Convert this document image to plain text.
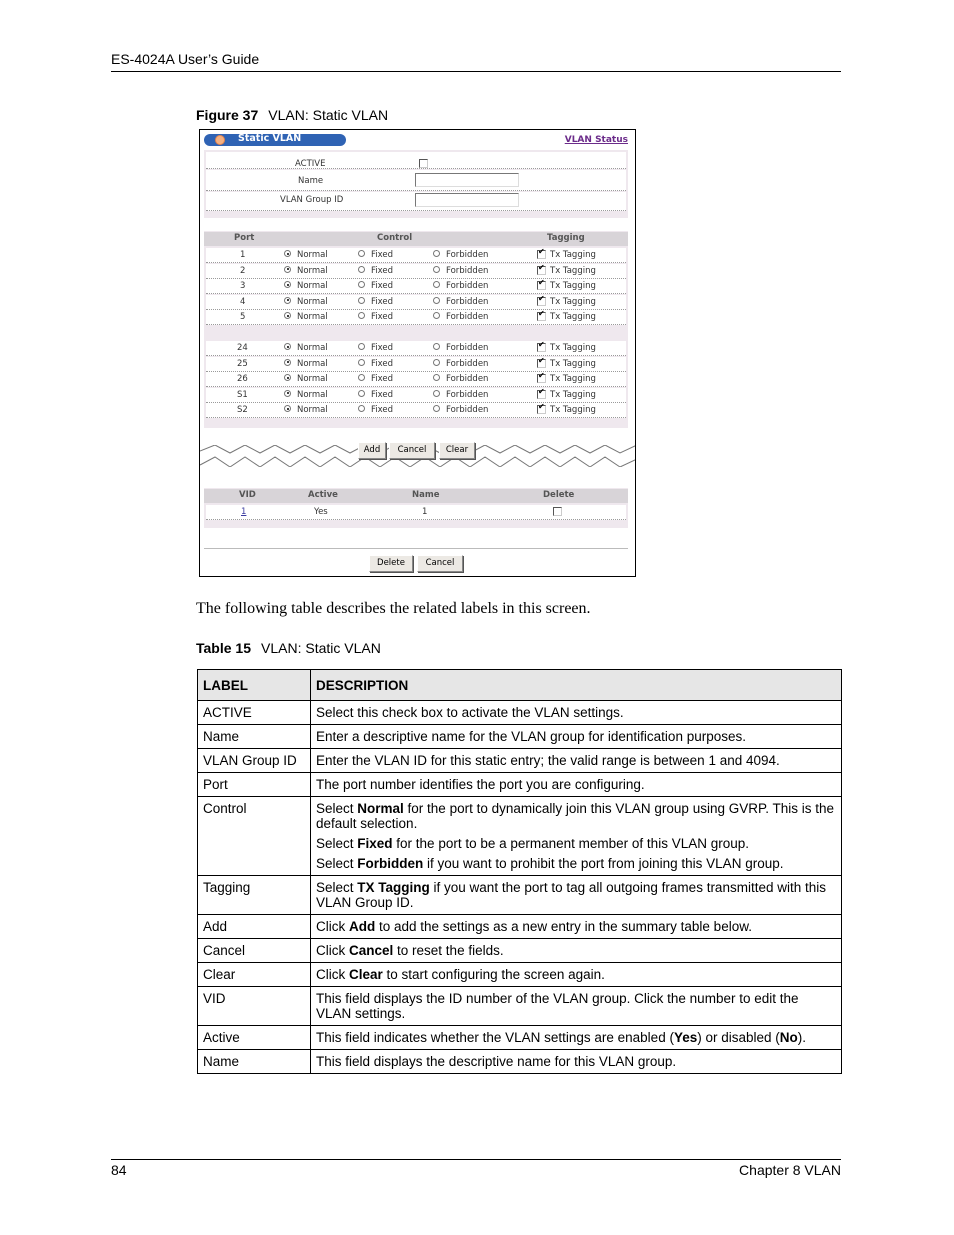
ES-4024A User’s Guide
Figure 37 VLAN: Static VLAN
Static VLAN	VLAN Status
ACTIVE
Name
VLAN Group ID
Port	Control	Tagging
1	Normal	Fixed	Forbidden ✔	Tx Tagging
2	Normal	Fixed	Forbidden ✔	Tx Tagging
3	Normal	Fixed	Forbidden ✔	Tx Tagging
4	Normal	Fixed	Forbidden ✔	Tx Tagging
5	Normal	Fixed	Forbidden ✔	Tx Tagging
24	Normal	Fixed	Forbidden ✔	Tx Tagging
25	Normal	Fixed	Forbidden ✔	Tx Tagging
26	Normal	Fixed	Forbidden ✔	Tx Tagging
S1	Normal	Fixed	Forbidden ✔	Tx Tagging
S2	Normal	Fixed	Forbidden ✔	Tx Tagging
Add	Cancel	Clear
VID	Active	Name	Delete
1	Yes	1
Delete	Cancel
The following table describes the related labels in this screen.
Table 15 VLAN: Static VLAN
LABEL	DESCRIPTION
ACTIVE	Select this check box to activate the VLAN settings.
Name	Enter a descriptive name for the VLAN group for identification purposes.
VLAN Group ID	Enter the VLAN ID for this static entry; the valid range is between 1 and 4094.
Port	The port number identifies the port you are configuring.
Control	Select Normal for the port to dynamically join this VLAN group using GVRP. This is the default selection.

Select Fixed for the port to be a permanent member of this VLAN group.

Select Forbidden if you want to prohibit the port from joining this VLAN group.

Tagging	Select TX Tagging if you want the port to tag all outgoing frames transmitted with this VLAN Group ID.
Add	Click Add to add the settings as a new entry in the summary table below.
Cancel	Click Cancel to reset the fields.
Clear	Click Clear to start configuring the screen again.
VID	This field displays the ID number of the VLAN group. Click the number to edit the VLAN settings.
Active	This field indicates whether the VLAN settings are enabled (Yes) or disabled (No).
Name	This field displays the descriptive name for this VLAN group.
84	Chapter 8 VLAN
